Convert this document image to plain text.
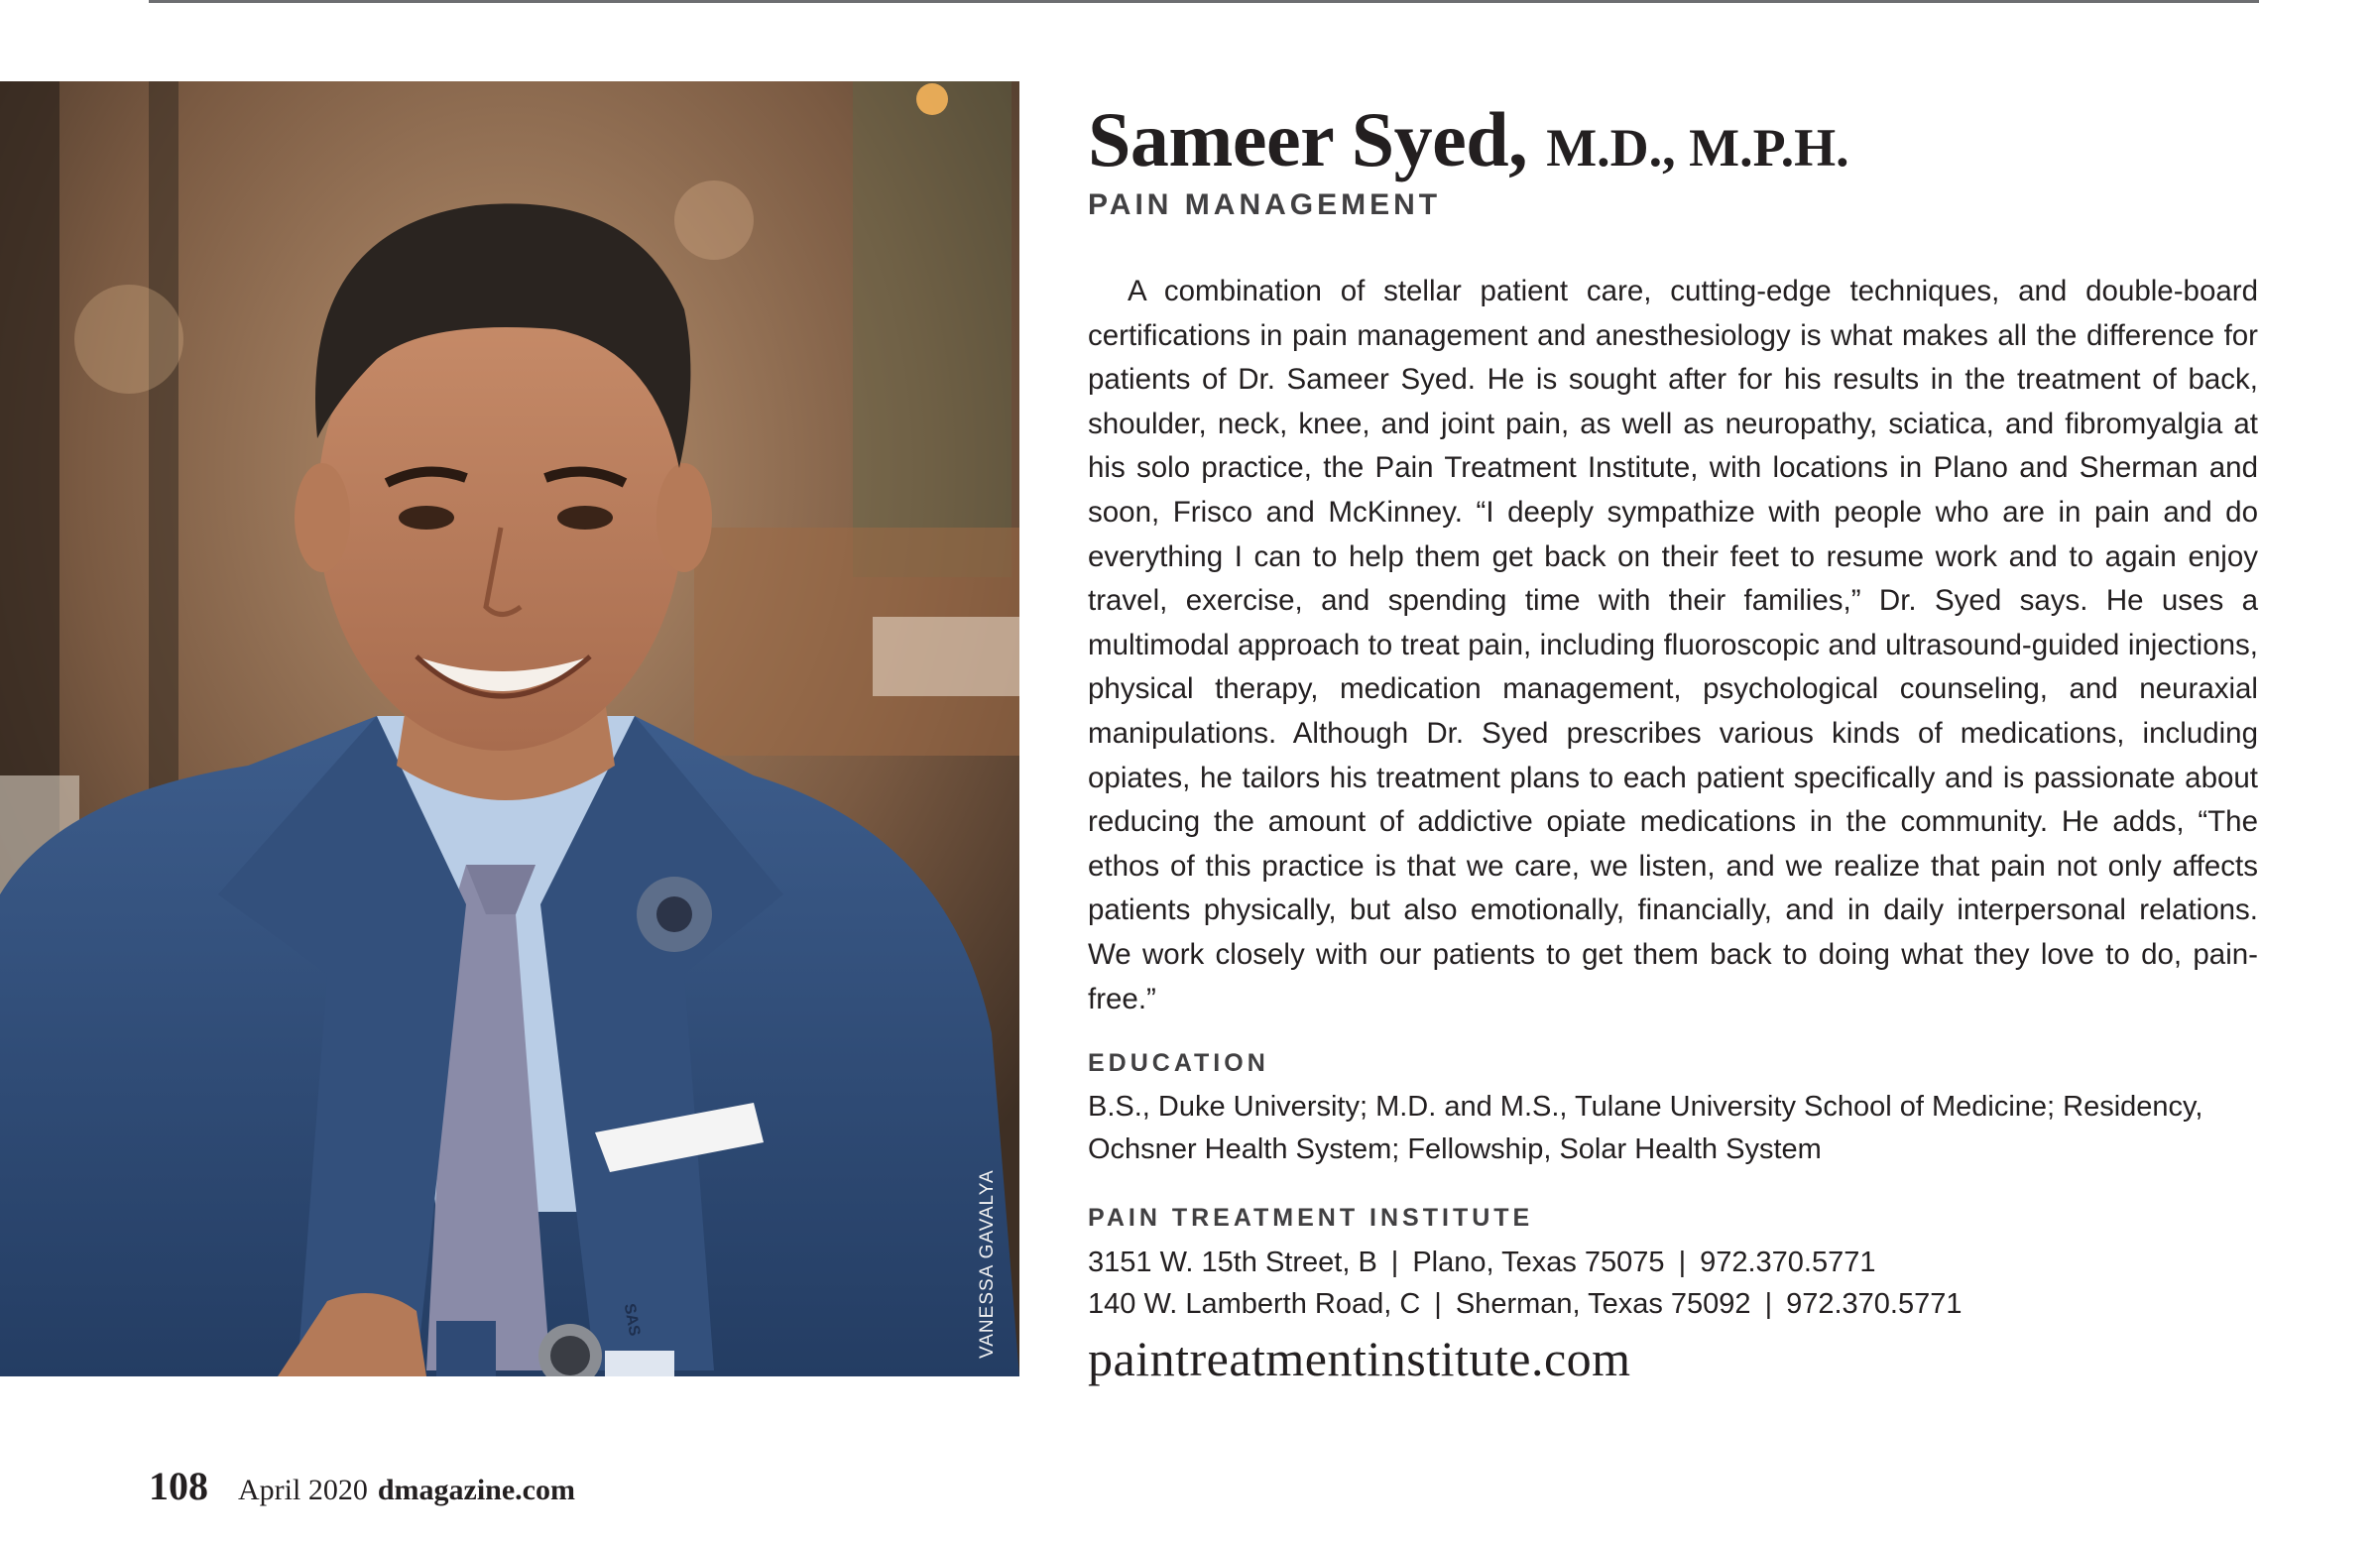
SAS	VANESSA GAVALYA
Sameer Syed, M.D., M.P.H.
PAIN MANAGEMENT
A combination of stellar patient care, cutting-edge techniques, and double-board certifications in pain management and anesthesiology is what makes all the difference for patients of Dr. Sameer Syed. He is sought after for his results in the treatment of back, shoulder, neck, knee, and joint pain, as well as neuropathy, sciatica, and fibromyalgia at his solo practice, the Pain Treatment Institute, with locations in Plano and Sherman and soon, Frisco and McKinney. “I deeply sympathize with people who are in pain and do everything I can to help them get back on their feet to resume work and to again enjoy travel, exercise, and spending time with their families,” Dr. Syed says. He uses a multimodal approach to treat pain, including fluoroscopic and ultrasound-guided injections, physical therapy, medication management, psychological counseling, and neuraxial manipulations. Although Dr. Syed prescribes various kinds of medications, including opiates, he tailors his treatment plans to each patient specifically and is passionate about reducing the amount of addictive opiate medications in the community. He adds, “The ethos of this practice is that we care, we listen, and we realize that pain not only affects patients physically, but also emotionally, financially, and in daily interpersonal relations. We work closely with our patients to get them back to doing what they love to do, pain-free.”
EDUCATION
B.S., Duke University; M.D. and M.S., Tulane University School of Medicine; Residency, Ochsner Health System; Fellowship, Solar Health System
PAIN TREATMENT INSTITUTE
3151 W. 15th Street, B | Plano, Texas 75075 | 972.370.5771
140 W. Lamberth Road, C | Sherman, Texas 75092 | 972.370.5771
paintreatmentinstitute.com
108 April 2020 dmagazine.com
